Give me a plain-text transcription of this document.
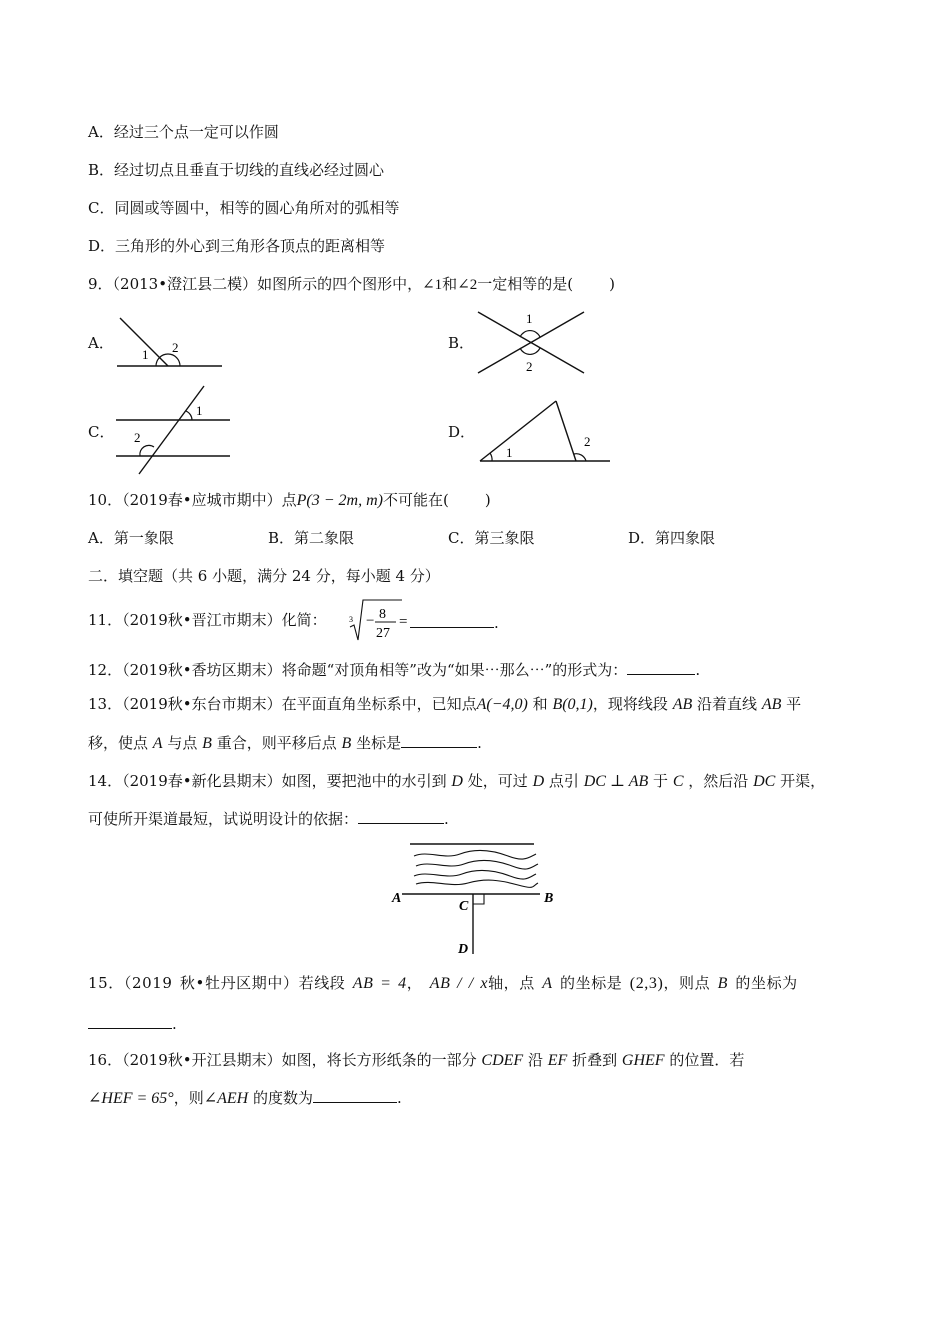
A．经过三个点一定可以作圆
B．经过切点且垂直于切线的直线必经过圆心
C．同圆或等圆中，相等的圆心角所对的弧相等
D．三角形的外心到三角形各顶点的距离相等
9．（2013•澄江县二模）如图所示的四个图形中，∠1和∠2一定相等的是( )
A．	B．
C．	D．
1 2
1
2
1
2
1
2
10．（2019春•应城市期中）点P(3 − 2m, m)不可能在( )
A．第一象限	B．第二象限	C．第三象限	D．第四象限
二．填空题（共 6 小题，满分 24 分，每小题 4 分）
11．（2019秋•晋江市期末）化简：	3 − 8
27
=	.
12．（2019秋•香坊区期末）将命题“对顶角相等”改为“如果⋯那么⋯”的形式为：	.
13．（2019秋•东台市期末）在平面直角坐标系中，已知点A(−4,0) 和 B(0,1)，现将线段 AB 沿着直线 AB 平
移，使点 A 与点 B 重合，则平移后点 B 坐标是	.
14．（2019春•新化县期末）如图，要把池中的水引到 D 处，可过 D 点引 DC ⊥ AB 于 C ，然后沿 DC 开渠，
可使所开渠道最短，试说明设计的依据：	.
A	B
C
D
15．（2019 秋•牡丹区期中）若线段 AB = 4， AB / / x轴，点 A 的坐标是 (2,3)，则点 B 的坐标为
.
16．（2019秋•开江县期末）如图，将长方形纸条的一部分 CDEF 沿 EF 折叠到 GHEF 的位置．若
∠HEF = 65°，则∠AEH 的度数为	.
